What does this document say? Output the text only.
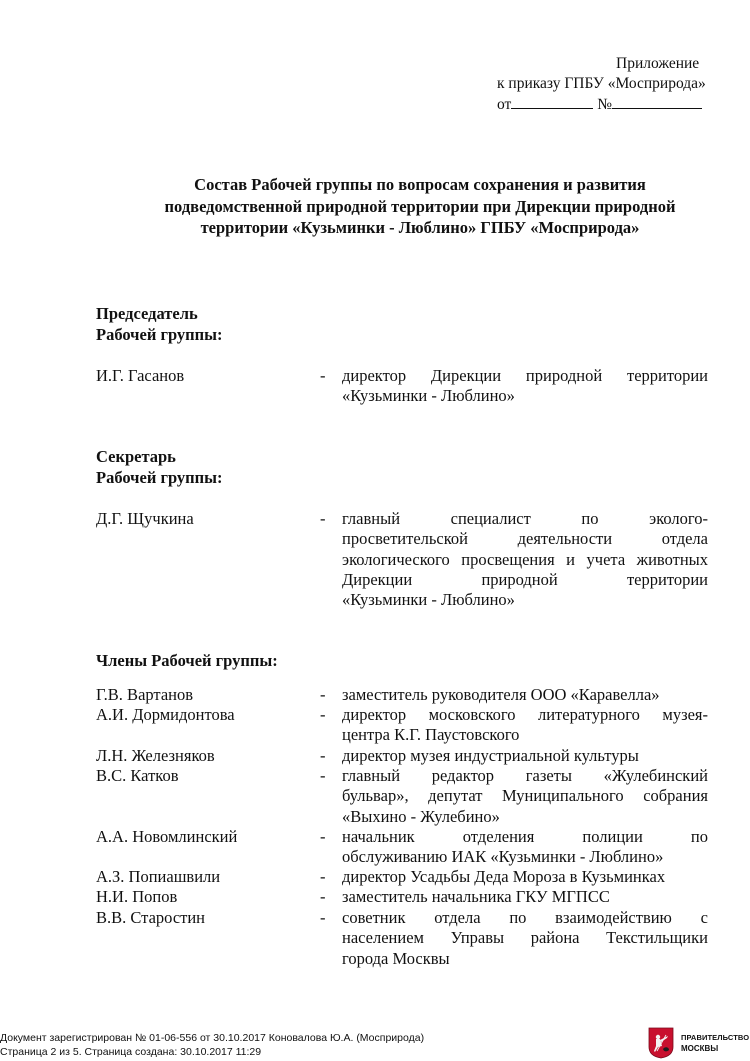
Приложение
к приказу ГПБУ «Мосприрода»
от	№
Состав Рабочей группы по вопросам сохранения и развития
подведомственной природной территории при Дирекции природной
территории «Кузьминки - Люблино» ГПБУ «Мосприрода»
Председатель
Рабочей группы:
И.Г. Гасанов	- директор Дирекции природной территории
«Кузьминки - Люблино»
Секретарь
Рабочей группы:
Д.Г. Щучкина	- главный специалист по эколого-
просветительской деятельности отдела
экологического просвещения и учета животных
Дирекции природной территории
«Кузьминки - Люблино»
Члены Рабочей группы:
Г.В. Вартанов	- заместитель руководителя ООО «Каравелла»
А.И. Дормидонтова	- директор московского литературного музея-
центра К.Г. Паустовского
Л.Н. Железняков	- директор музея индустриальной культуры
В.С. Катков	- главный редактор газеты «Жулебинский
бульвар», депутат Муниципального собрания
«Выхино - Жулебино»
А.А. Новомлинский	- начальник отделения полиции по
обслуживанию ИАК «Кузьминки - Люблино»
А.З. Попиашвили	- директор Усадьбы Деда Мороза в Кузьминках
Н.И. Попов	- заместитель начальника ГКУ МГПСС
В.В. Старостин	- советник отдела по взаимодействию с
населением Управы района Текстильщики
города Москвы
Документ зарегистрирован № 01-06-556 от 30.10.2017 Коновалова Ю.А. (Мосприрода)
Страница 2 из 5. Страница создана: 30.10.2017 11:29
ПРАВИТЕЛЬСТВО
МОСКВЫ
